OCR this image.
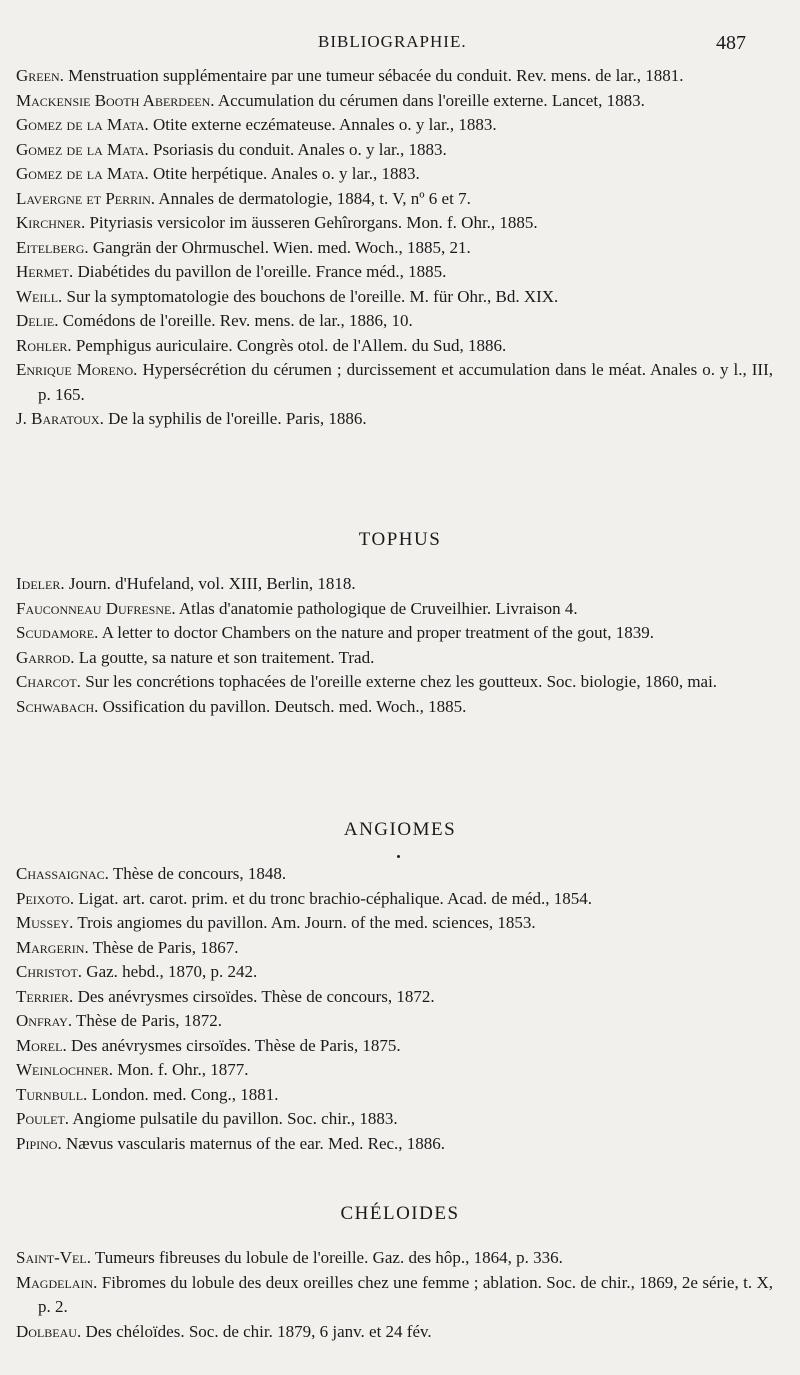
BIBLIOGRAPHIE.	487
Green. Menstruation supplémentaire par une tumeur sébacée du conduit. Rev. mens. de lar., 1881.
Mackensie Booth Aberdeen. Accumulation du cérumen dans l'oreille externe. Lancet, 1883.
Gomez de la Mata. Otite externe eczémateuse. Annales o. y lar., 1883.
Gomez de la Mata. Psoriasis du conduit. Anales o. y lar., 1883.
Gomez de la Mata. Otite herpétique. Anales o. y lar., 1883.
Lavergne et Perrin. Annales de dermatologie, 1884, t. V, nº 6 et 7.
Kirchner. Pityriasis versicolor im äusseren Gehîrorgans. Mon. f. Ohr., 1885.
Eitelberg. Gangrän der Ohrmuschel. Wien. med. Woch., 1885, 21.
Hermet. Diabétides du pavillon de l'oreille. France méd., 1885.
Weill. Sur la symptomatologie des bouchons de l'oreille. M. für Ohr., Bd. XIX.
Delie. Comédons de l'oreille. Rev. mens. de lar., 1886, 10.
Rohler. Pemphigus auriculaire. Congrès otol. de l'Allem. du Sud, 1886.
Enrique Moreno. Hypersécrétion du cérumen ; durcissement et accumulation dans le méat. Anales o. y l., III, p. 165.
J. Baratoux. De la syphilis de l'oreille. Paris, 1886.
TOPHUS
Ideler. Journ. d'Hufeland, vol. XIII, Berlin, 1818.
Fauconneau Dufresne. Atlas d'anatomie pathologique de Cruveilhier. Livraison 4.
Scudamore. A letter to doctor Chambers on the nature and proper treatment of the gout, 1839.
Garrod. La goutte, sa nature et son traitement. Trad.
Charcot. Sur les concrétions tophacées de l'oreille externe chez les goutteux. Soc. biologie, 1860, mai.
Schwabach. Ossification du pavillon. Deutsch. med. Woch., 1885.
ANGIOMES
Chassaignac. Thèse de concours, 1848.
Peixoto. Ligat. art. carot. prim. et du tronc brachio-céphalique. Acad. de méd., 1854.
Mussey. Trois angiomes du pavillon. Am. Journ. of the med. sciences, 1853.
Margerin. Thèse de Paris, 1867.
Christot. Gaz. hebd., 1870, p. 242.
Terrier. Des anévrysmes cirsoïdes. Thèse de concours, 1872.
Onfray. Thèse de Paris, 1872.
Morel. Des anévrysmes cirsoïdes. Thèse de Paris, 1875.
Weinlochner. Mon. f. Ohr., 1877.
Turnbull. London. med. Cong., 1881.
Poulet. Angiome pulsatile du pavillon. Soc. chir., 1883.
Pipino. Nævus vascularis maternus of the ear. Med. Rec., 1886.
CHÉLOIDES
Saint-Vel. Tumeurs fibreuses du lobule de l'oreille. Gaz. des hôp., 1864, p. 336.
Magdelain. Fibromes du lobule des deux oreilles chez une femme ; ablation. Soc. de chir., 1869, 2e série, t. X, p. 2.
Dolbeau. Des chéloïdes. Soc. de chir. 1879, 6 janv. et 24 fév.
